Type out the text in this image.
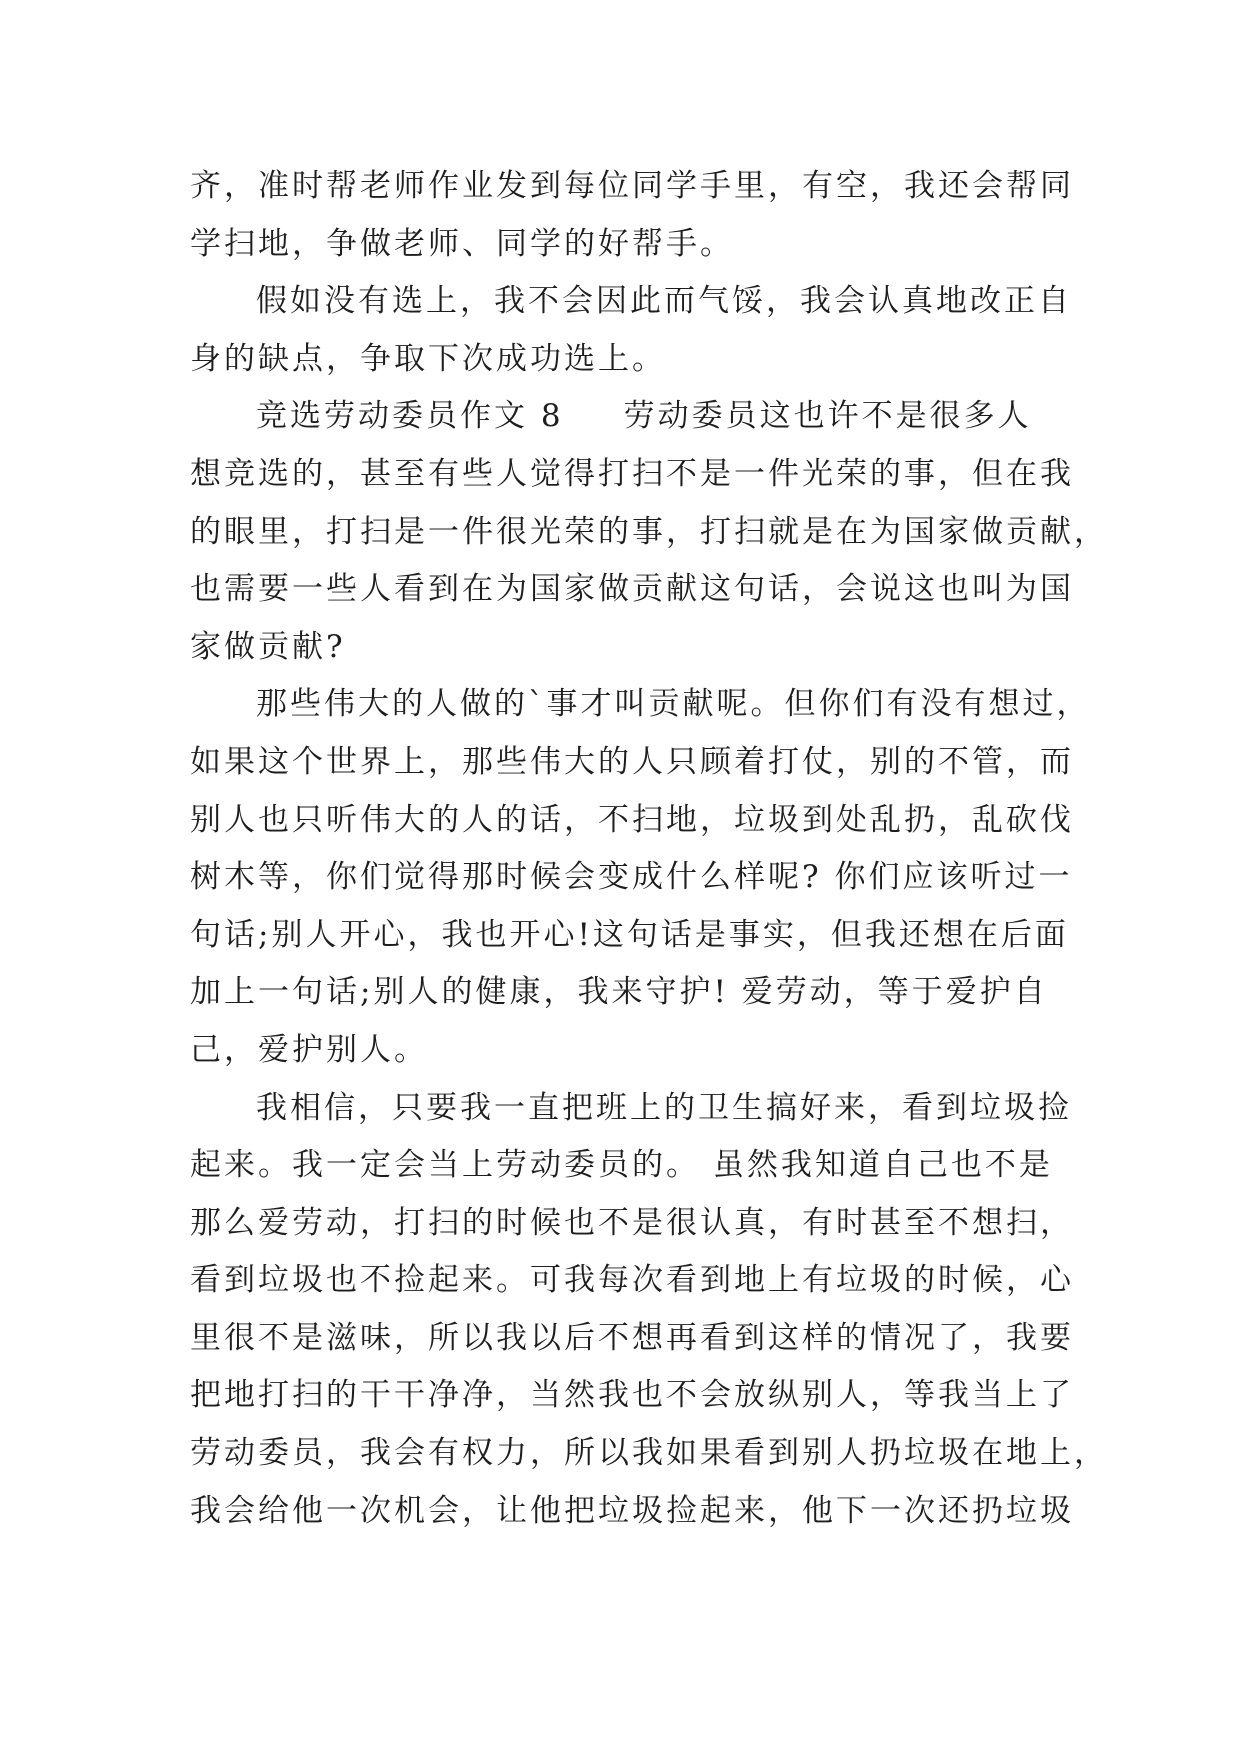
齐，准时帮老师作业发到每位同学手里，有空，我还会帮同
学扫地，争做老师、同学的好帮手。
假如没有选上，我不会因此而气馁，我会认真地改正自
身的缺点，争取下次成功选上。
竞选劳动委员作文 8 劳动委员这也许不是很多人
想竞选的，甚至有些人觉得打扫不是一件光荣的事，但在我
的眼里，打扫是一件很光荣的事，打扫就是在为国家做贡献，
也需要一些人看到在为国家做贡献这句话，会说这也叫为国
家做贡献?
那些伟大的人做的`事才叫贡献呢。但你们有没有想过，
如果这个世界上，那些伟大的人只顾着打仗，别的不管，而
别人也只听伟大的人的话，不扫地，垃圾到处乱扔，乱砍伐
树木等，你们觉得那时候会变成什么样呢? 你们应该听过一
句话;别人开心，我也开心!这句话是事实，但我还想在后面
加上一句话;别人的健康，我来守护! 爱劳动，等于爱护自
己，爱护别人。
我相信，只要我一直把班上的卫生搞好来，看到垃圾捡
起来。我一定会当上劳动委员的。 虽然我知道自己也不是
那么爱劳动，打扫的时候也不是很认真，有时甚至不想扫，
看到垃圾也不捡起来。可我每次看到地上有垃圾的时候，心
里很不是滋味，所以我以后不想再看到这样的情况了，我要
把地打扫的干干净净，当然我也不会放纵别人，等我当上了
劳动委员，我会有权力，所以我如果看到别人扔垃圾在地上，
我会给他一次机会，让他把垃圾捡起来，他下一次还扔垃圾
